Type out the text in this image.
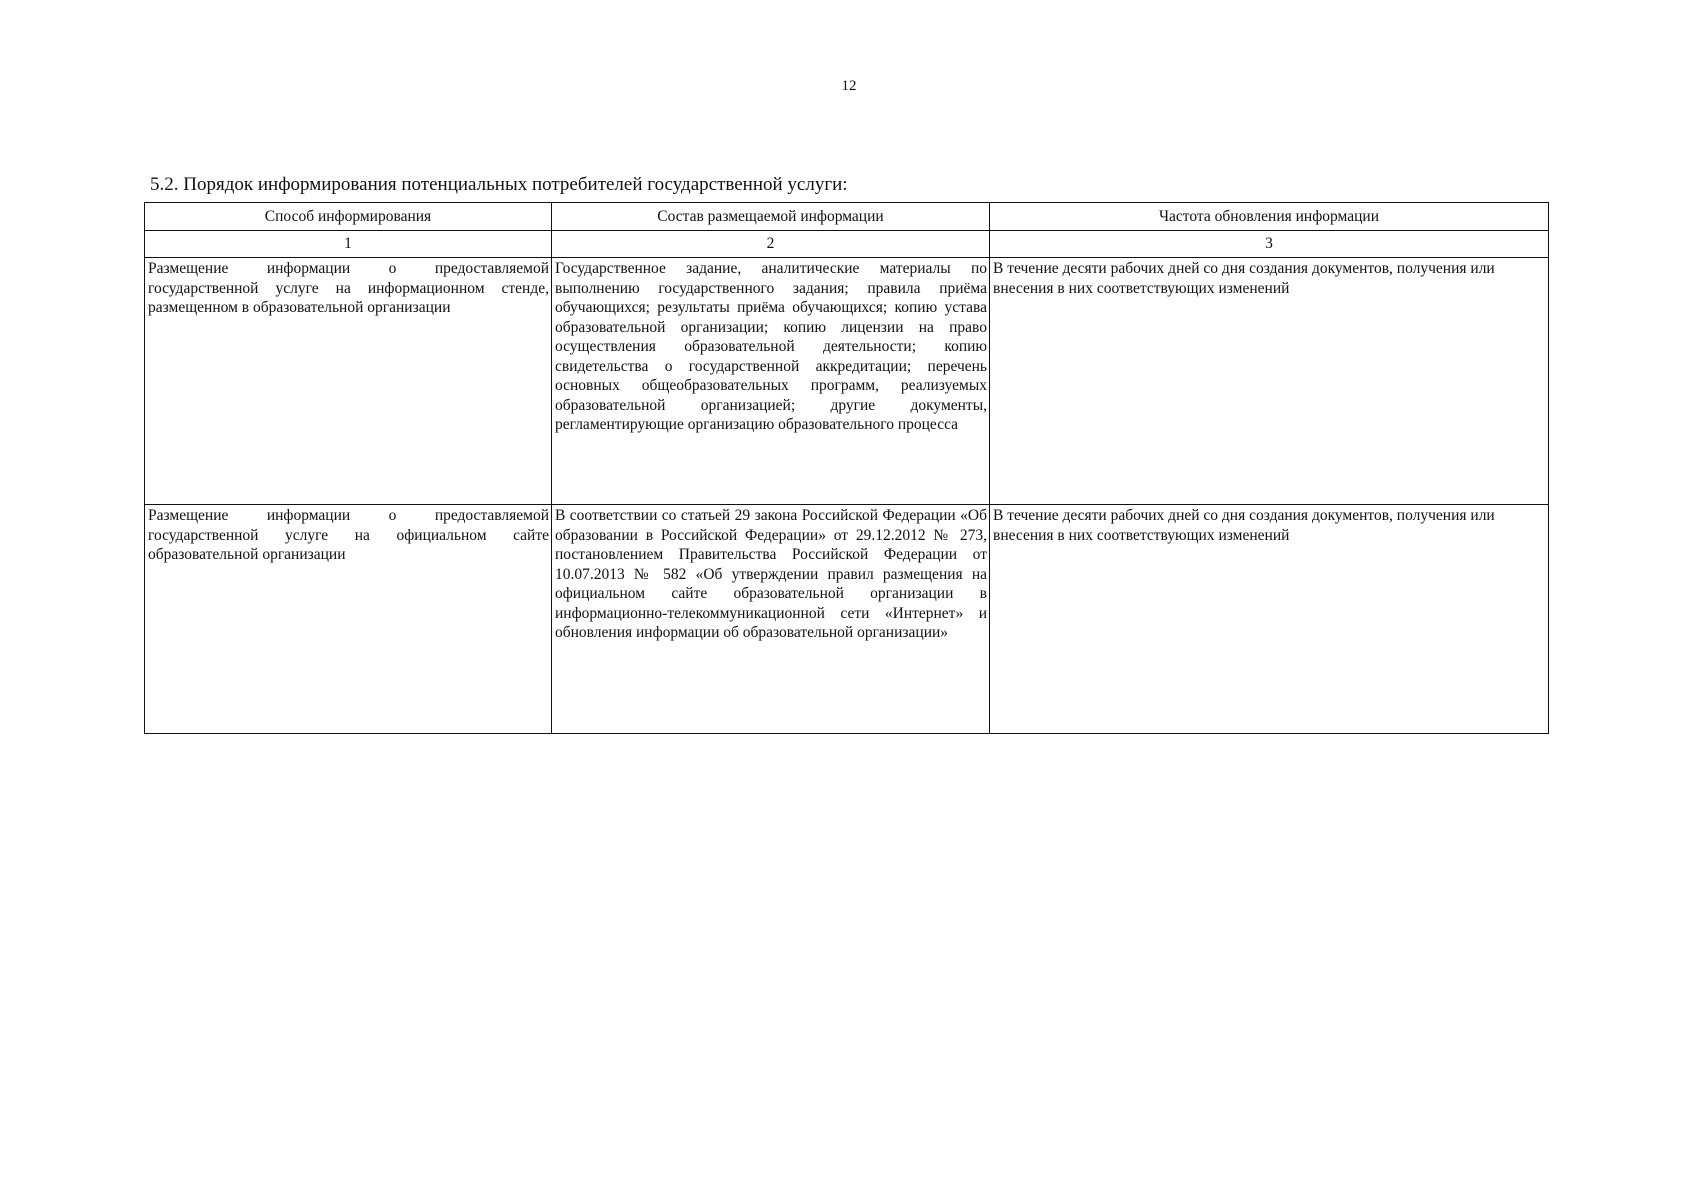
12
5.2. Порядок информирования потенциальных потребителей государственной услуги:
Способ информирования	Состав размещаемой информации	Частота обновления информации
1	2	3
Размещение информации о предоставляемой государственной услуге на информационном стенде, размещенном в образовательной организации	Государственное задание, аналитические материалы по выполнению государственного задания; правила приёма обучающихся; результаты приёма обучающихся; копию устава образовательной организации; копию лицензии на право осуществления образовательной деятельности; копию свидетельства о государственной аккредитации; перечень основных общеобразовательных программ, реализуемых образовательной организацией; другие документы, регламентирующие организацию образовательного процесса	В течение десяти рабочих дней со дня создания документов, получения или внесения в них соответствующих изменений
Размещение информации о предоставляемой государственной услуге на официальном сайте образовательной организации	В соответствии со статьей 29 закона Российской Федерации «Об образовании в Российской Федерации» от 29.12.2012 № 273, постановлением Правительства Российской Федерации от 10.07.2013 № 582 «Об утверждении правил размещения на официальном сайте образовательной организации в информационно-телекоммуникационной сети «Интернет» и обновления информации об образовательной организации»	В течение десяти рабочих дней со дня создания документов, получения или внесения в них соответствующих изменений
